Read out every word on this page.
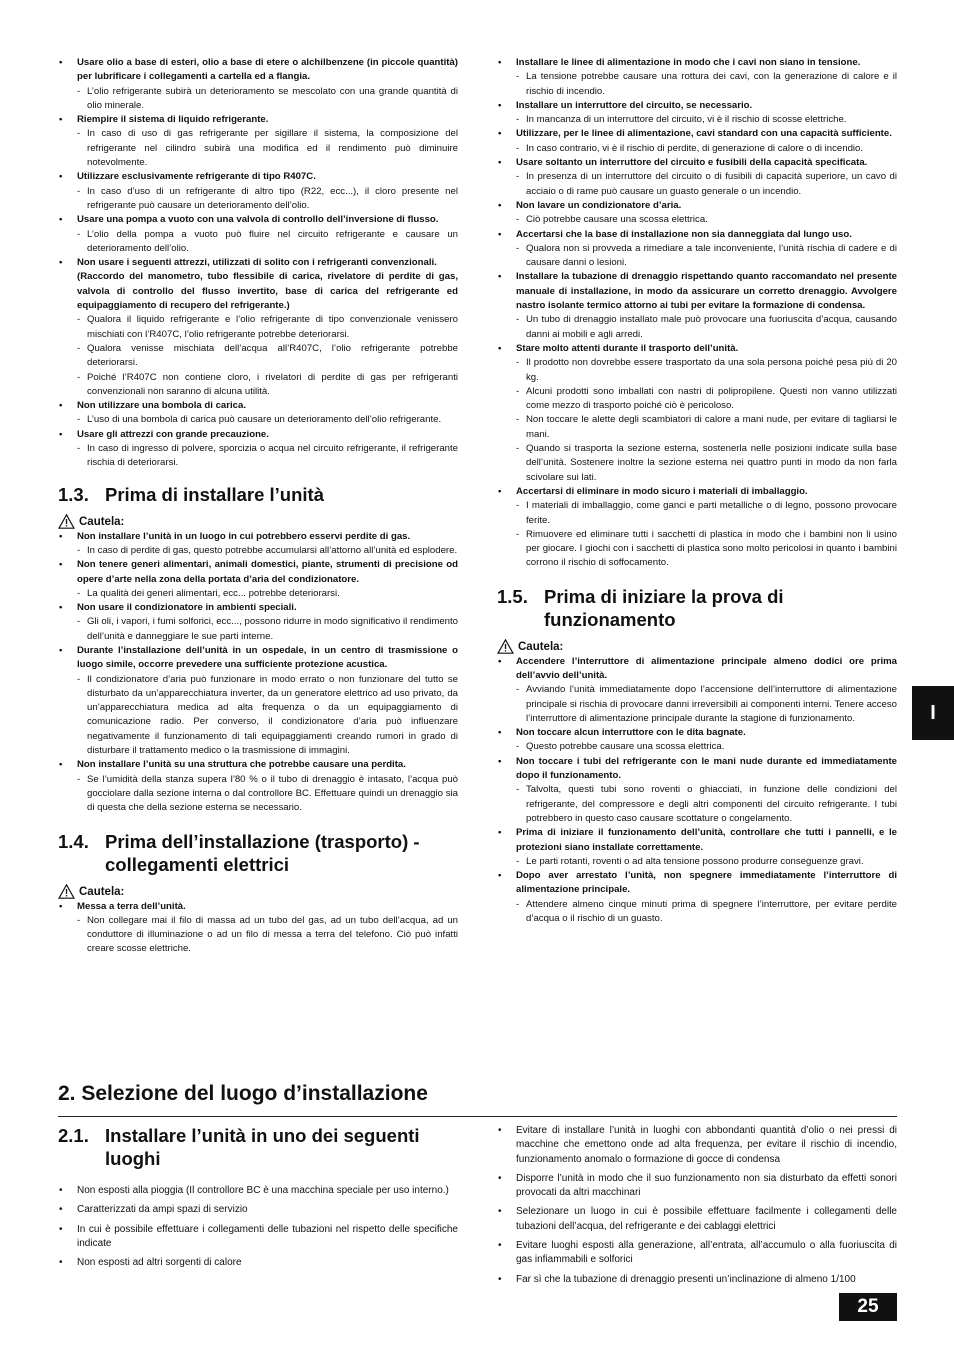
• Usare olio a base di esteri, olio a base di etere o alchilbenzene (in piccole quantità) per lubrificare i collegamenti a cartella ed a flangia.
- L’olio refrigerante subirà un deterioramento se mescolato con una grande quantità di olio minerale.
• Riempire il sistema di liquido refrigerante.
- In caso di uso di gas refrigerante per sigillare il sistema, la composizione del refrigerante nel cilindro subirà una modifica ed il rendimento può diminuire notevolmente.
• Utilizzare esclusivamente refrigerante di tipo R407C.
- In caso d’uso di un refrigerante di altro tipo (R22, ecc...), il cloro presente nel refrigerante può causare un deterioramento dell’olio.
• Usare una pompa a vuoto con una valvola di controllo dell’inversione di flusso.
- L’olio della pompa a vuoto può fluire nel circuito refrigerante e causare un deterioramento dell’olio.
• Non usare i seguenti attrezzi, utilizzati di solito con i refrigeranti convenzionali.
(Raccordo del manometro, tubo flessibile di carica, rivelatore di perdite di gas, valvola di controllo del flusso invertito, base di carica del refrigerante ed equipaggiamento di recupero del refrigerante.)
- Qualora il liquido refrigerante e l’olio refrigerante di tipo convenzionale venissero mischiati con l’R407C, l’olio refrigerante potrebbe deteriorarsi.
- Qualora venisse mischiata dell’acqua all’R407C, l’olio refrigerante potrebbe deteriorarsi.
- Poiché l’R407C non contiene cloro, i rivelatori di perdite di gas per refrigeranti convenzionali non saranno di alcuna utilità.
• Non utilizzare una bombola di carica.
- L’uso di una bombola di carica può causare un deterioramento dell’olio refrigerante.
• Usare gli attrezzi con grande precauzione.
- In caso di ingresso di polvere, sporcizia o acqua nel circuito refrigerante, il refrigerante rischia di deteriorarsi.
1.3. Prima di installare l’unità
Cautela:
• Non installare l’unità in un luogo in cui potrebbero esservi perdite di gas.
- In caso di perdite di gas, questo potrebbe accumularsi all’attorno all’unità ed esplodere.
• Non tenere generi alimentari, animali domestici, piante, strumenti di precisione od opere d’arte nella zona della portata d’aria del condizionatore.
- La qualità dei generi alimentari, ecc... potrebbe deteriorarsi.
• Non usare il condizionatore in ambienti speciali.
- Gli oli, i vapori, i fumi solforici, ecc..., possono ridurre in modo significativo il rendimento dell’unità e danneggiare le sue parti interne.
• Durante l’installazione dell’unità in un ospedale, in un centro di trasmissione o luogo simile, occorre prevedere una sufficiente protezione acustica.
- Il condizionatore d’aria può funzionare in modo errato o non funzionare del tutto se disturbato da un’apparecchiatura inverter, da un generatore elettrico ad uso privato, da un’apparecchiatura medica ad alta frequenza o da un equipaggiamento di comunicazione radio. Per converso, il condizionatore d’aria può influenzare negativamente il funzionamento di tali equipaggiamenti creando rumori in grado di disturbare il trattamento medico o la trasmissione di immagini.
• Non installare l’unità su una struttura che potrebbe causare una perdita.
- Se l’umidità della stanza supera l’80 % o il tubo di drenaggio è intasato, l’acqua può gocciolare dalla sezione interna o dal controllore BC. Effettuare quindi un drenaggio sia di questa che della sezione esterna se necessario.
1.4. Prima dell’installazione (trasporto) - collegamenti elettrici
Cautela:
• Messa a terra dell’unità.
- Non collegare mai il filo di massa ad un tubo del gas, ad un tubo dell’acqua, ad un conduttore di illuminazione o ad un filo di messa a terra del telefono. Ciò può infatti creare scosse elettriche.
• Installare le linee di alimentazione in modo che i cavi non siano in tensione.
- La tensione potrebbe causare una rottura dei cavi, con la generazione di calore e il rischio di incendio.
• Installare un interruttore del circuito, se necessario.
- In mancanza di un interruttore del circuito, vi è il rischio di scosse elettriche.
• Utilizzare, per le linee di alimentazione, cavi standard con una capacità sufficiente.
- In caso contrario, vi è il rischio di perdite, di generazione di calore o di incendio.
• Usare soltanto un interruttore del circuito e fusibili della capacità specificata.
- In presenza di un interruttore del circuito o di fusibili di capacità superiore, un cavo di acciaio o di rame può causare un guasto generale o un incendio.
• Non lavare un condizionatore d’aria.
- Ciò potrebbe causare una scossa elettrica.
• Accertarsi che la base di installazione non sia danneggiata dal lungo uso.
- Qualora non si provveda a rimediare a tale inconveniente, l’unità rischia di cadere e di causare danni o lesioni.
• Installare la tubazione di drenaggio rispettando quanto raccomandato nel presente manuale di installazione, in modo da assicurare un corretto drenaggio. Avvolgere nastro isolante termico attorno ai tubi per evitare la formazione di condensa.
- Un tubo di drenaggio installato male può provocare una fuoriuscita d’acqua, causando danni ai mobili e agli arredi.
• Stare molto attenti durante il trasporto dell’unità.
- Il prodotto non dovrebbe essere trasportato da una sola persona poiché pesa più di 20 kg.
- Alcuni prodotti sono imballati con nastri di polipropilene. Questi non vanno utilizzati come mezzo di trasporto poiché ciò è pericoloso.
- Non toccare le alette degli scambiatori di calore a mani nude, per evitare di tagliarsi le mani.
- Quando si trasporta la sezione esterna, sostenerla nelle posizioni indicate sulla base dell’unità. Sostenere inoltre la sezione esterna nei quattro punti in modo da non farla scivolare sui lati.
• Accertarsi di eliminare in modo sicuro i materiali di imballaggio.
- I materiali di imballaggio, come ganci e parti metalliche o di legno, possono provocare ferite.
- Rimuovere ed eliminare tutti i sacchetti di plastica in modo che i bambini non li usino per giocare. I giochi con i sacchetti di plastica sono molto pericolosi in quanto i bambini corrono il rischio di soffocamento.
1.5. Prima di iniziare la prova di funzionamento
Cautela:
• Accendere l’interruttore di alimentazione principale almeno dodici ore prima dell’avvio dell’unità.
- Avviando l’unità immediatamente dopo l’accensione dell’interruttore di alimentazione principale si rischia di provocare danni irreversibili ai componenti interni. Tenere acceso l’interruttore di alimentazione principale durante la stagione di funzionamento.
• Non toccare alcun interruttore con le dita bagnate.
- Questo potrebbe causare una scossa elettrica.
• Non toccare i tubi del refrigerante con le mani nude durante ed immediatamente dopo il funzionamento.
- Talvolta, questi tubi sono roventi o ghiacciati, in funzione delle condizioni del refrigerante, del compressore e degli altri componenti del circuito refrigerante. I tubi potrebbero in questo caso causare scottature o congelamento.
• Prima di iniziare il funzionamento dell’unità, controllare che tutti i pannelli, e le protezioni siano installate correttamente.
- Le parti rotanti, roventi o ad alta tensione possono produrre conseguenze gravi.
• Dopo aver arrestato l’unità, non spegnere immediatamente l’interruttore di alimentazione principale.
- Attendere almeno cinque minuti prima di spegnere l’interruttore, per evitare perdite d’acqua o il rischio di un guasto.
2. Selezione del luogo d’installazione
2.1. Installare l’unità in uno dei seguenti luoghi
• Non esposti alla pioggia (Il controllore BC è una macchina speciale per uso interno.)
• Caratterizzati da ampi spazi di servizio
• In cui è possibile effettuare i collegamenti delle tubazioni nel rispetto delle specifiche indicate
• Non esposti ad altri sorgenti di calore
• Evitare di installare l’unità in luoghi con abbondanti quantità d’olio o nei pressi di macchine che emettono onde ad alta frequenza, per evitare il rischio di incendio, funzionamento anomalo o formazione di gocce di condensa
• Disporre l’unità in modo che il suo funzionamento non sia disturbato da effetti sonori provocati da altri macchinari
• Selezionare un luogo in cui è possibile effettuare facilmente i collegamenti delle tubazioni dell’acqua, del refrigerante e dei cablaggi elettrici
• Evitare luoghi esposti alla generazione, all’entrata, all’accumulo o alla fuoriuscita di gas infiammabili e solforici
• Far sì che la tubazione di drenaggio presenti un’inclinazione di almeno 1/100
I
25
